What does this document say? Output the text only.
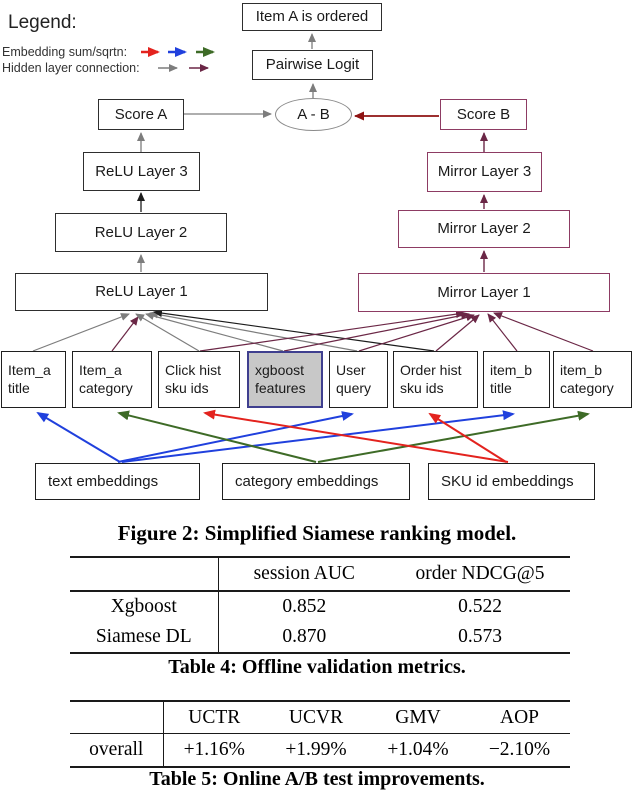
Legend:
Embedding sum/sqrtn:
Hidden layer connection:
Item A is ordered
Pairwise Logit
A - B
Score A
ReLU Layer 3
ReLU Layer 2
ReLU Layer 1
Score B
Mirror Layer 3
Mirror Layer 2
Mirror Layer 1
Item_a title
Item_a category
Click hist sku ids
xgboost features
User query
Order hist sku ids
item_b title
item_b category
text embeddings	category embeddings	SKU id embeddings
Figure 2: Simplified Siamese ranking model.
	session AUC	order NDCG@5
Xgboost	0.852	0.522
Siamese DL	0.870	0.573
Table 4: Offline validation metrics.
	UCTR	UCVR	GMV	AOP
overall	+1.16%	+1.99%	+1.04%	−2.10%
Table 5: Online A/B test improvements.
